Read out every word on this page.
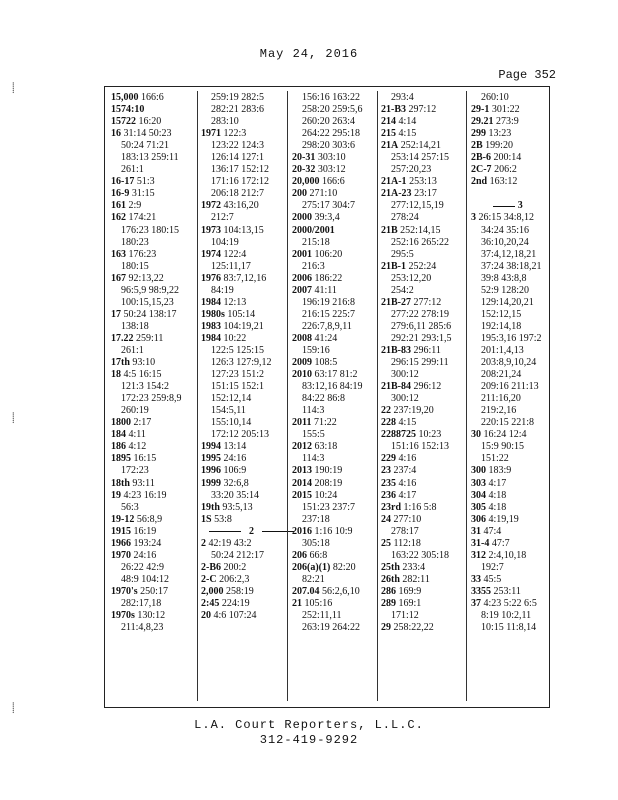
May 24, 2016
Page 352
15,000 166:6
1574:10
15722 16:20
16 31:14 50:23
50:24 71:21
183:13 259:11
261:1
16-17 51:3
16-9 31:15
161 2:9
162 174:21
176:23 180:15
180:23
163 176:23
180:15
167 92:13,22
96:5,9 98:9,22
100:15,15,23
17 50:24 138:17
138:18
17.22 259:11
261:1
17th 93:10
18 4:5 16:15
121:3 154:2
172:23 259:8,9
260:19
1800 2:17
184 4:11
186 4:12
1895 16:15
172:23
18th 93:11
19 4:23 16:19
56:3
19-12 56:8,9
1915 16:19
1966 193:24
1970 24:16
26:22 42:9
48:9 104:12
1970's 250:17
282:17,18
1970s 130:12
211:4,8,23
259:19 282:5
282:21 283:6
283:10
1971 122:3
123:22 124:3
126:14 127:1
136:17 152:12
171:16 172:12
206:18 212:7
1972 43:16,20
212:7
1973 104:13,15
104:19
1974 122:4
125:11,17
1976 83:7,12,16
84:19
1984 12:13
1980s 105:14
1983 104:19,21
1984 10:22
122:5 125:15
126:3 127:9,12
127:23 151:2
151:15 152:1
152:12,14
154:5,11
155:10,14
172:12 205:13
1994 13:14
1995 24:16
1996 106:9
1999 32:6,8
33:20 35:14
19th 93:5,13
1S 53:8
2
2 42:19 43:2
50:24 212:17
2-B6 200:2
2-C 206:2,3
2,000 258:19
2:45 224:19
20 4:6 107:24
156:16 163:22
258:20 259:5,6
260:20 263:4
264:22 295:18
298:20 303:6
20-31 303:10
20-32 303:12
20,000 166:6
200 271:10
275:17 304:7
2000 39:3,4
2000/2001
215:18
2001 106:20
216:3
2006 186:22
2007 41:11
196:19 216:8
216:15 225:7
226:7,8,9,11
2008 41:24
159:16
2009 108:5
2010 63:17 81:2
83:12,16 84:19
84:22 86:8
114:3
2011 71:22
155:5
2012 63:18
114:3
2013 190:19
2014 208:19
2015 10:24
151:23 237:7
237:18
2016 1:16 10:9
305:18
206 66:8
206(a)(1) 82:20
82:21
207.04 56:2,6,10
21 105:16
252:11,11
263:19 264:22
293:4
21-B3 297:12
214 4:14
215 4:15
21A 252:14,21
253:14 257:15
257:20,23
21A-1 253:13
21A-23 23:17
277:12,15,19
278:24
21B 252:14,15
252:16 265:22
295:5
21B-1 252:24
253:12,20
254:2
21B-27 277:12
277:22 278:19
279:6,11 285:6
292:21 293:1,5
21B-83 296:11
296:15 299:11
300:12
21B-84 296:12
300:12
22 237:19,20
228 4:15
2288725 10:23
151:16 152:13
229 4:16
23 237:4
235 4:16
236 4:17
23rd 1:16 5:8
24 277:10
278:17
25 112:18
163:22 305:18
25th 233:4
26th 282:11
286 169:9
289 169:1
171:12
29 258:22,22
260:10
29-1 301:22
29.21 273:9
299 13:23
2B 199:20
2B-6 200:14
2C-7 206:2
2nd 163:12

3
3 26:15 34:8,12
34:24 35:16
36:10,20,24
37:4,12,18,21
37:24 38:18,21
39:8 43:8,8
52:9 128:20
129:14,20,21
152:12,15
192:14,18
195:3,16 197:2
201:1,4,13
203:8,9,10,24
208:21,24
209:16 211:13
211:16,20
219:2,16
220:15 221:8
30 16:24 12:4
15:9 90:15
151:22
300 183:9
303 4:17
304 4:18
305 4:18
306 4:19,19
31 47:4
31-4 47:7
312 2:4,10,18
192:7
33 45:5
3355 253:11
37 4:23 5:22 6:5
8:19 10:2,11
10:15 11:8,14
L.A. Court Reporters, L.L.C.
312-419-9292
⸽
⸽
⸽
